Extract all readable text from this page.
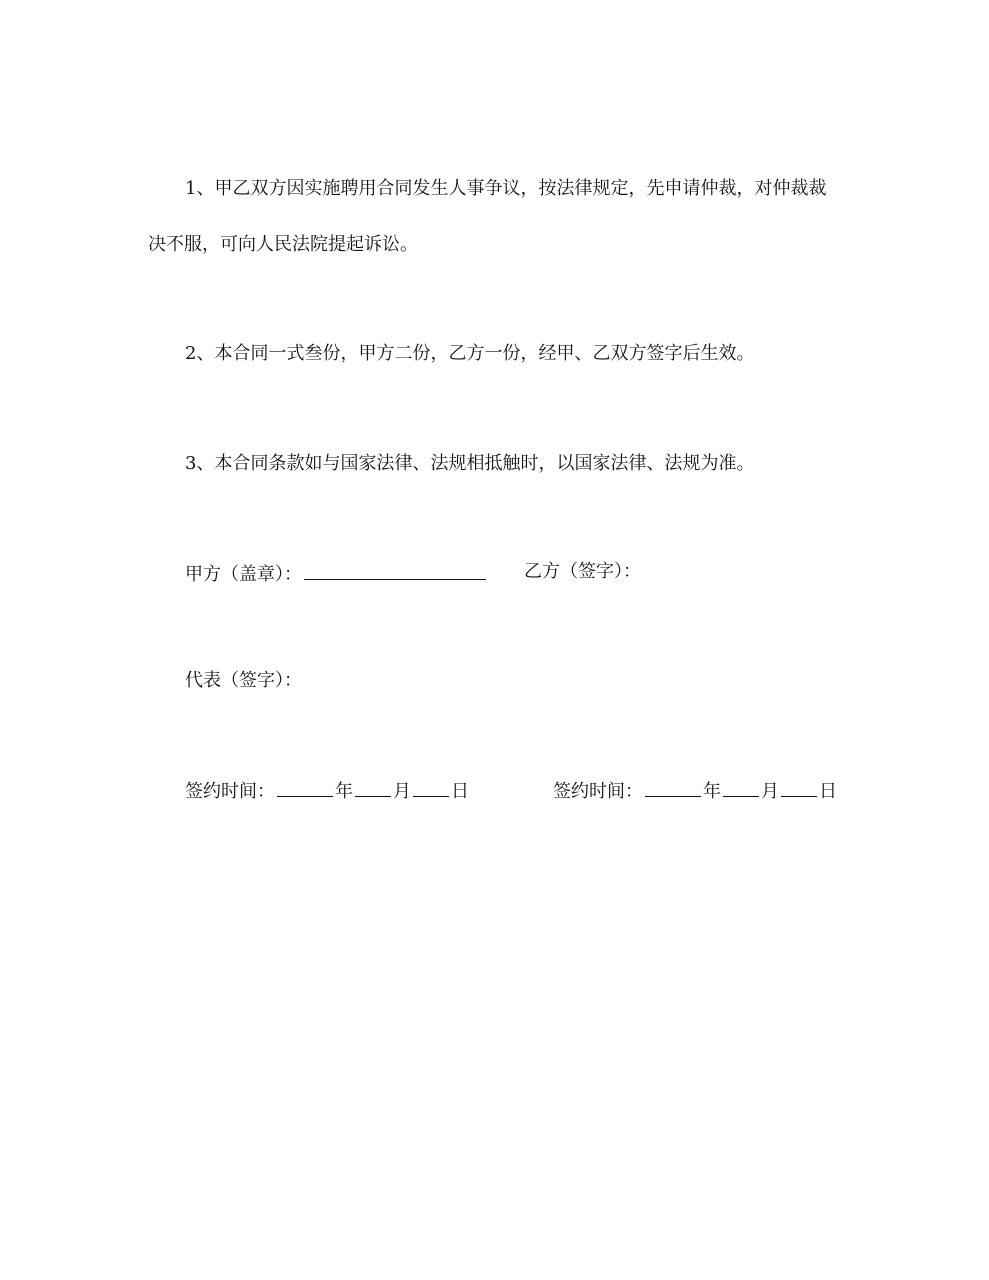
1、甲乙双方因实施聘用合同发生人事争议，按法律规定，先申请仲裁，对仲裁裁
决不服，可向人民法院提起诉讼。
2、本合同一式叁份，甲方二份，乙方一份，经甲、乙双方签字后生效。
3、本合同条款如与国家法律、法规相抵触时，以国家法律、法规为准。
甲方（盖章）：	乙方（签字）：
代表（签字）：
签约时间：	年 月 日	签约时间：	年 月 日
